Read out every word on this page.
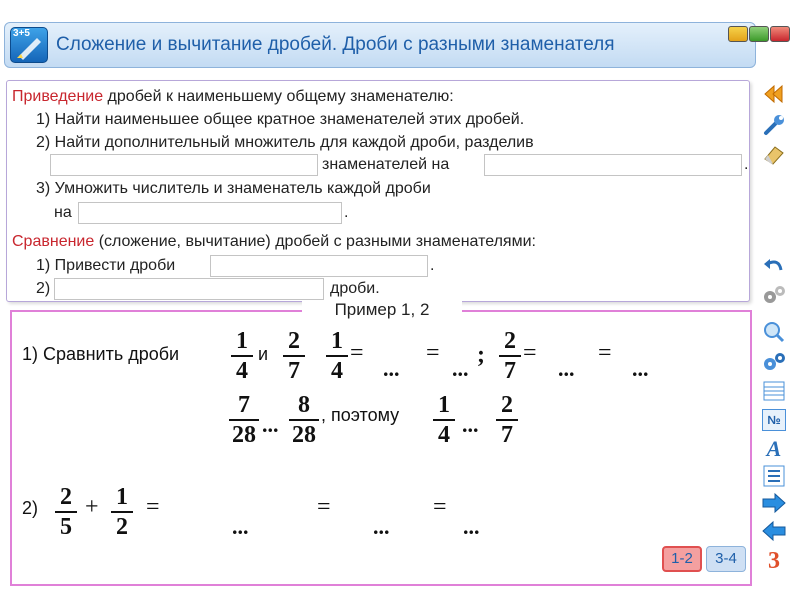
3+5
Сложение и вычитание дробей. Дроби с разными знаменателя
Приведение дробей к наименьшему общему знаменателю:
1) Найти наименьшее общее кратное знаменателей этих дробей.
2) Найти дополнительный множитель для каждой дроби, разделив
знаменателей на	.
3) Умножить числитель и знаменатель каждой дроби
на	.
Сравнение (сложение, вычитание) дробей с разными знаменателями:
1) Привести дроби	.
2)	дроби.
Пример 1, 2
1) Сравнить дроби 1
4
и 2
7
1
4
=
...
=
...
;
2
7
=
...
=
...
7
28 ...
8
28
, поэтому 1
4 ...
2
7
2) 2
5
+ 1
2
=
...
=
...
=
...
1-2	3-4
№
A
3
